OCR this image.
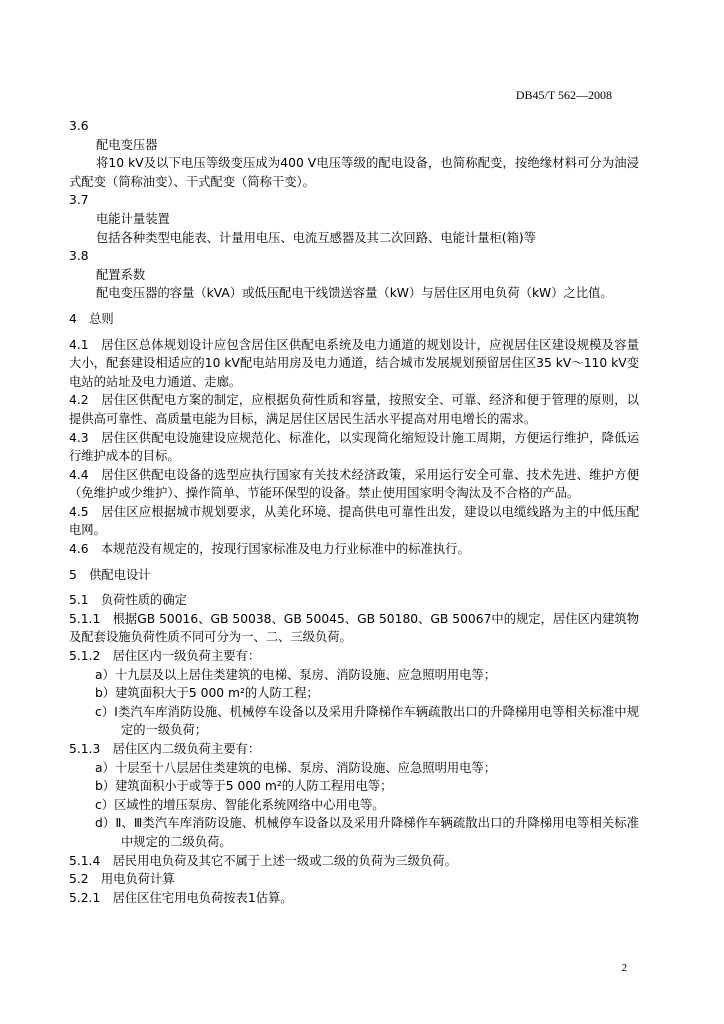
DB45/T 562—2008
3.6
配电变压器
将10 kV及以下电压等级变压成为400 V电压等级的配电设备，也简称配变，按绝缘材料可分为油浸式配变（简称油变）、干式配变（简称干变）。
3.7
电能计量装置
包括各种类型电能表、计量用电压、电流互感器及其二次回路、电能计量柜(箱)等
3.8
配置系数
配电变压器的容量（kVA）或低压配电干线馈送容量（kW）与居住区用电负荷（kW）之比值。
4　总则
4.1　居住区总体规划设计应包含居住区供配电系统及电力通道的规划设计，应视居住区建设规模及容量大小，配套建设相适应的10 kV配电站用房及电力通道，结合城市发展规划预留居住区35 kV～110 kV变电站的站址及电力通道、走廊。
4.2　居住区供配电方案的制定，应根据负荷性质和容量，按照安全、可靠、经济和便于管理的原则，以提供高可靠性、高质量电能为目标，满足居住区居民生活水平提高对用电增长的需求。
4.3　居住区供配电设施建设应规范化、标准化，以实现简化缩短设计施工周期，方便运行维护，降低运行维护成本的目标。
4.4　居住区供配电设备的选型应执行国家有关技术经济政策，采用运行安全可靠、技术先进、维护方便（免维护或少维护）、操作简单、节能环保型的设备。禁止使用国家明令淘汰及不合格的产品。
4.5　居住区应根据城市规划要求，从美化环境、提高供电可靠性出发，建设以电缆线路为主的中低压配电网。
4.6　本规范没有规定的，按现行国家标准及电力行业标准中的标准执行。
5　供配电设计
5.1　负荷性质的确定
5.1.1　根据GB 50016、GB 50038、GB 50045、GB 50180、GB 50067中的规定，居住区内建筑物及配套设施负荷性质不同可分为一、二、三级负荷。
5.1.2　居住区内一级负荷主要有：
a）十九层及以上居住类建筑的电梯、泵房、消防设施、应急照明用电等；
b）建筑面积大于5 000 m²的人防工程；
c）Ⅰ类汽车库消防设施、机械停车设备以及采用升降梯作车辆疏散出口的升降梯用电等相关标准中规定的一级负荷；
5.1.3　居住区内二级负荷主要有：
a）十层至十八层居住类建筑的电梯、泵房、消防设施、应急照明用电等；
b）建筑面积小于或等于5 000 m²的人防工程用电等；
c）区域性的增压泵房、智能化系统网络中心用电等。
d）Ⅱ、Ⅲ类汽车库消防设施、机械停车设备以及采用升降梯作车辆疏散出口的升降梯用电等相关标准中规定的二级负荷。
5.1.4　居民用电负荷及其它不属于上述一级或二级的负荷为三级负荷。
5.2　用电负荷计算
5.2.1　居住区住宅用电负荷按表1估算。
2
